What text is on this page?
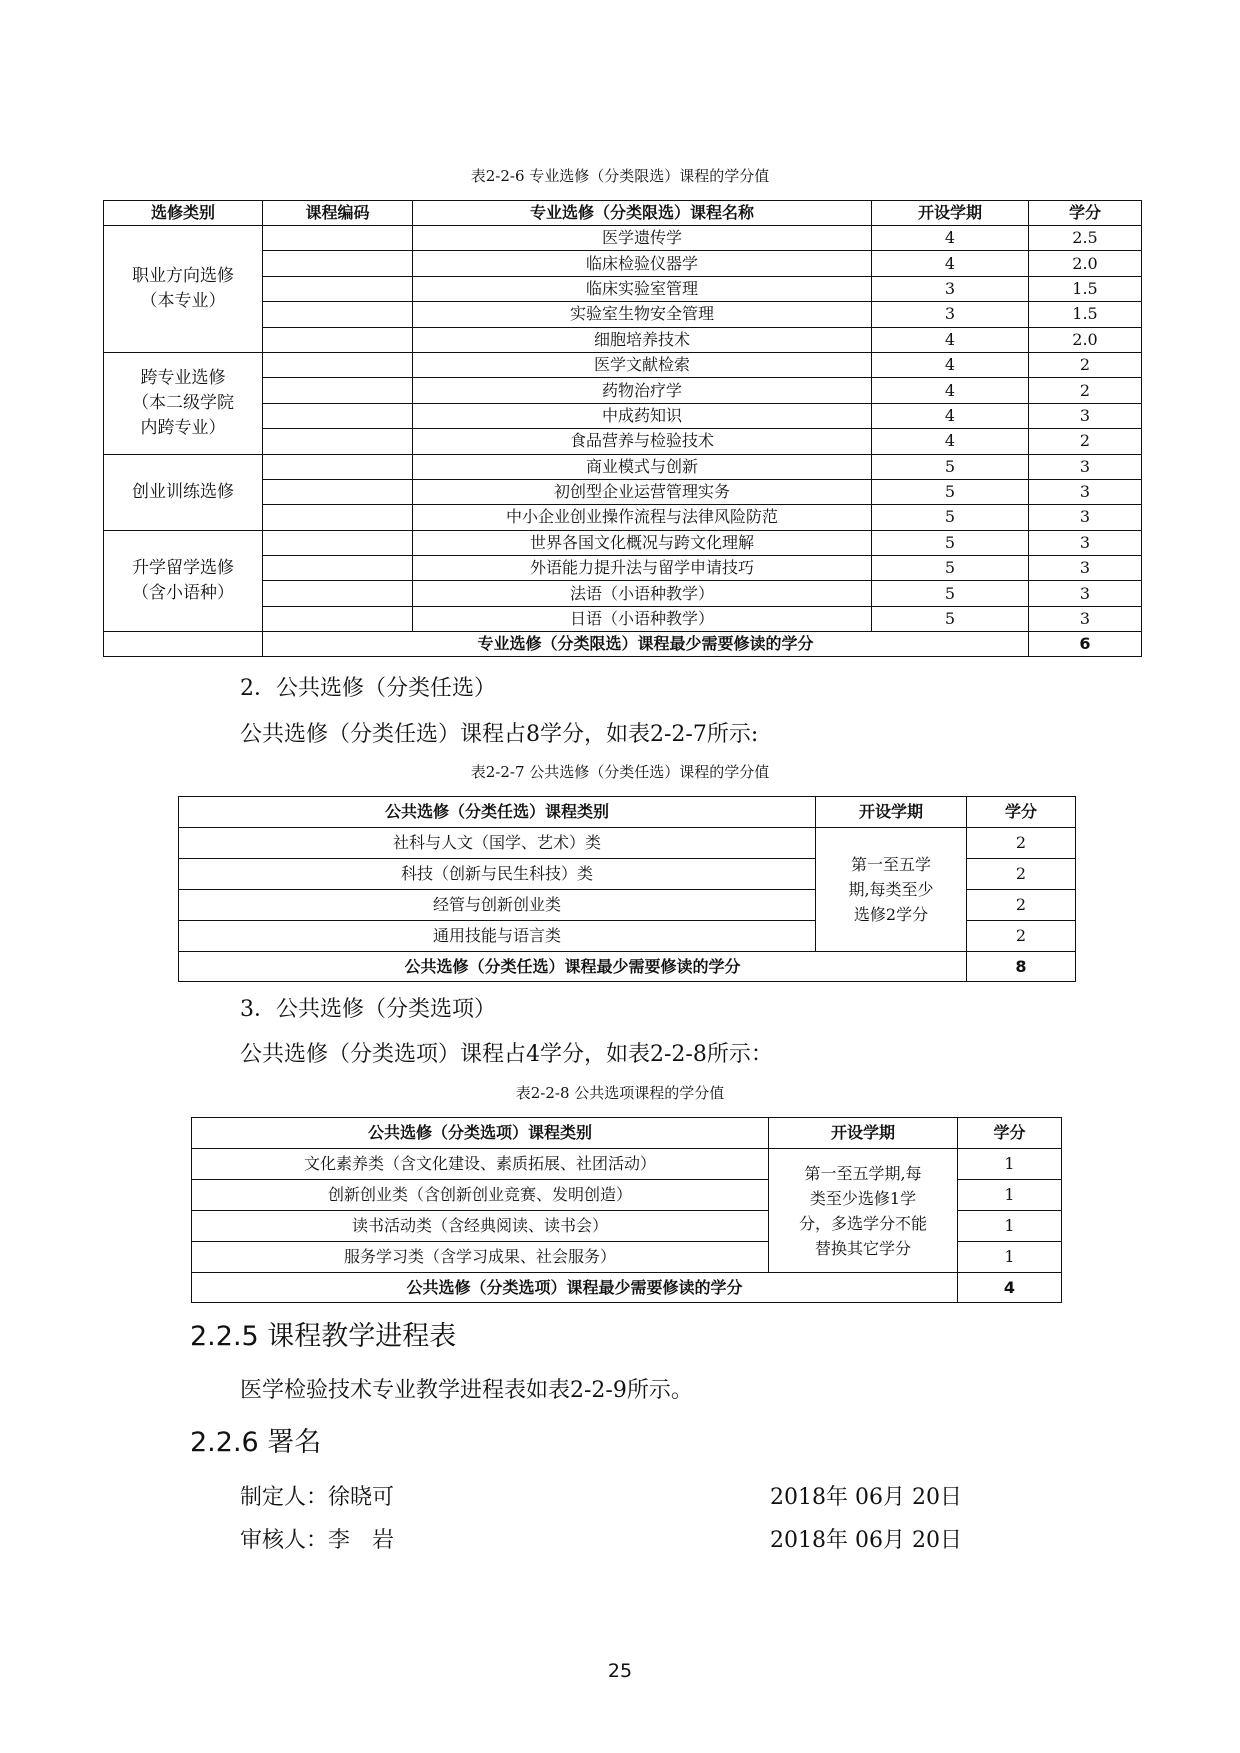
表2-2-6 专业选修（分类限选）课程的学分值
选修类别	课程编码	专业选修（分类限选）课程名称	开设学期	学分

职业方向选修（本专业）		医学遗传学	4	2.5
		临床检验仪器学	4	2.0
		临床实验室管理	3	1.5
		实验室生物安全管理	3	1.5
		细胞培养技术	4	2.0

跨专业选修（本二级学院内跨专业）		医学文献检索	4	2
		药物治疗学	4	2
		中成药知识	4	3
		食品营养与检验技术	4	2

创业训练选修		商业模式与创新	5	3
		初创型企业运营管理实务	5	3
		中小企业创业操作流程与法律风险防范	5	3

升学留学选修（含小语种）		世界各国文化概况与跨文化理解	5	3
		外语能力提升法与留学申请技巧	5	3
		法语（小语种教学）	5	3
		日语（小语种教学）	5	3
	专业选修（分类限选）课程最少需要修读的学分			6
2．公共选修（分类任选）
公共选修（分类任选）课程占8学分，如表2-2-7所示:
表2-2-7 公共选修（分类任选）课程的学分值
公共选修（分类任选）课程类别	开设学期	学分
社科与人文（国学、艺术）类	第一至五学期,每类至少选修2学分	2
科技（创新与民生科技）类		2
经管与创新创业类		2
通用技能与语言类		2
公共选修（分类任选）课程最少需要修读的学分		8
3．公共选修（分类选项）
公共选修（分类选项）课程占4学分，如表2-2-8所示：
表2-2-8 公共选项课程的学分值
公共选修（分类选项）课程类别	开设学期	学分
文化素养类（含文化建设、素质拓展、社团活动）	第一至五学期,每类至少选修1学分，多选学分不能替换其它学分	1
创新创业类（含创新创业竞赛、发明创造）		1
读书活动类（含经典阅读、读书会）		1
服务学习类（含学习成果、社会服务）		1
公共选修（分类选项）课程最少需要修读的学分		4
2.2.5 课程教学进程表
医学检验技术专业教学进程表如表2-2-9所示。
2.2.6 署名
制定人：徐晓可	2018年 06月 20日
审核人：李　岩	2018年 06月 20日
25
